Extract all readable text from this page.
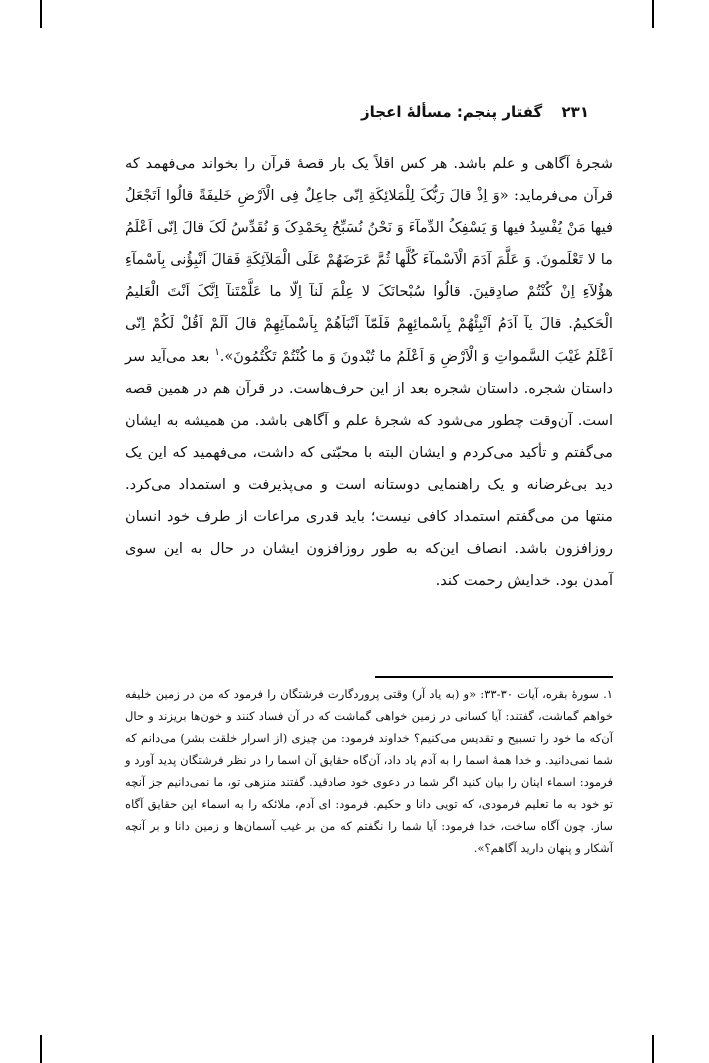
۲۳۱ گفتار پنجم: مسألهٔ اعجاز

شجرهٔ آگاهی و علم باشد. هر کس اقلاً یک بار قصهٔ قرآن را بخواند می‌فهمد که قرآن می‌فرماید: «وَ اِذْ قالَ رَبُّکَ لِلْمَلائِکَةِ اِنّی جاعِلٌ فِی الْاَرْضِ خَلیفَةً قالُوا اَتَجْعَلُ فیها مَنْ یُفْسِدُ فیها وَ یَسْفِکُ الدِّمآءَ وَ نَحْنُ نُسَبِّحُ بِحَمْدِکَ وَ نُقَدِّسُ لَکَ قالَ اِنّی اَعْلَمُ ما لا تَعْلَمونَ. وَ عَلَّمَ آدَمَ الْاَسْمآءَ کُلَّها ثُمَّ عَرَضَهُمْ عَلَی الْمَلآئِکَةِ فَقالَ اَنْبِؤُنی بِاَسْمآءِ هؤُلآءِ اِنْ کُنْتُمْ صادِقینَ. قالُوا سُبْحانَکَ لا عِلْمَ لَنآ اِلّا ما عَلَّمْتَنآ اِنَّکَ اَنْتَ الْعَلیمُ الْحَکیمُ. قالَ یآ آدَمُ اَنْبِئْهُمْ بِاَسْمائِهِمْ فَلَمّآ اَنْبَاَهُمْ بِاَسْمآئِهِمْ قالَ اَلَمْ اَقُلْ لَکُمْ اِنّی اَعْلَمُ غَیْبَ السَّمواتِ وَ الْاَرْضِ وَ اَعْلَمُ ما تُبْدونَ وَ ما کُنْتُمْ تَکْتُمُونَ».$^۱$ بعد می‌آید سر داستان شجره. داستان شجره بعد از این حرف‌هاست. در قرآن هم در همین قصه است. آن‌وقت چطور می‌شود که شجرهٔ علم و آگاهی باشد. من همیشه به ایشان می‌گفتم و تأکید می‌کردم و ایشان البته با محبّتی که داشت، می‌فهمید که این یک دید بی‌غرضانه و یک راهنمایی دوستانه است و می‌پذیرفت و استمداد می‌کرد. منتها من می‌گفتم استمداد کافی نیست؛ باید قدری مراعات از طرف خود انسان روزافزون باشد. انصاف این‌که به طور روزافزون ایشان در حال به این سوی آمدن بود. خدایش رحمت کند.

۱. سورهٔ بقره، آیات ۳۰-۳۳: «و (به یاد آر) وقتی پروردگارت فرشتگان را فرمود که من در زمین خلیفه خواهم گماشت، گفتند: آیا کسانی در زمین خواهی گماشت که در آن فساد کنند و خون‌ها بریزند و حال آن‌که ما خود را تسبیح و تقدیس می‌کنیم؟ خداوند فرمود: من چیزی (از اسرار خلقت بشر) می‌دانم که شما نمی‌دانید. و خدا همهٔ اسما را به آدم یاد داد، آن‌گاه حقایق آن اسما را در نظر فرشتگان پدید آورد و فرمود: اسماء اینان را بیان کنید اگر شما در دعوی خود صادقید. گفتند منزهی تو، ما نمی‌دانیم جز آنچه تو خود به ما تعلیم فرمودی، که تویی دانا و حکیم. فرمود: ای آدم، ملائکه را به اسماء این حقایق آگاه ساز. چون آگاه ساخت، خدا فرمود: آیا شما را نگفتم که من بر غیب آسمان‌ها و زمین دانا و بر آنچه آشکار و پنهان دارید آگاهم؟».
